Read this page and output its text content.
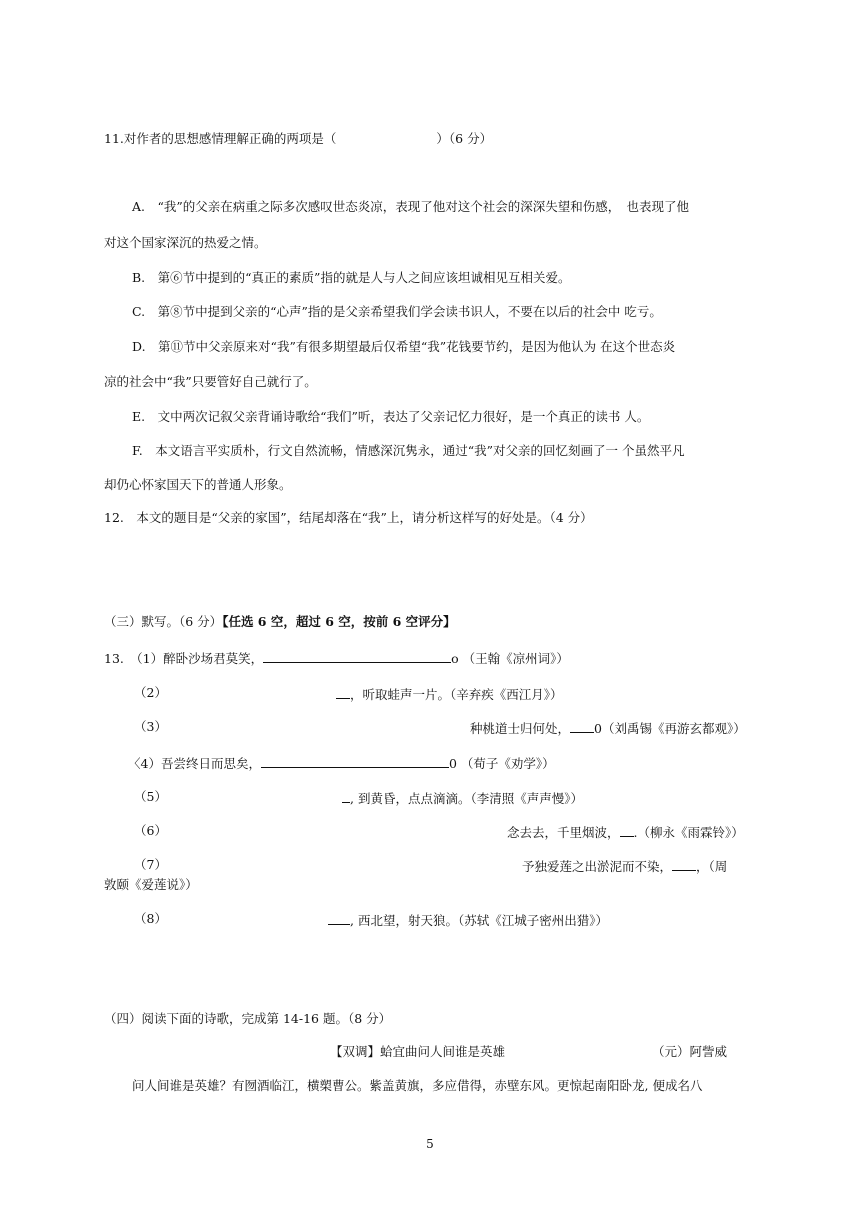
11.对作者的思想感情理解正确的两项是（	）（6 分）
A.　“我”的父亲在病重之际多次感叹世态炎凉，表现了他对这个社会的深深失望和伤感，　也表现了他
对这个国家深沉的热爱之情。
B.　第⑥节中提到的“真正的素质”指的就是人与人之间应该坦诚相见互相关爱。
C.　第⑧节中提到父亲的“心声”指的是父亲希望我们学会读书识人，不要在以后的社会中 吃亏。
D.　第⑪节中父亲原来对“我”有很多期望最后仅希望“我”花钱要节约，是因为他认为 在这个世态炎
凉的社会中“我”只要管好自己就行了。
E.　文中两次记叙父亲背诵诗歌给“我们”听，表达了父亲记忆力很好，是一个真正的读书 人。
F.　本文语言平实质朴，行文自然流畅，情感深沉隽永，通过“我”对父亲的回忆刻画了一 个虽然平凡
却仍心怀家国天下的普通人形象。
12.　本文的题目是“父亲的家国”，结尾却落在“我”上，请分析这样写的好处是。（4 分）
（三）默写。（6 分）【任选 6 空，超过 6 空，按前 6 空评分】
13.　（1）醉卧沙场君莫笑，	o （王翰《凉州词》）
（2）	，听取蛙声一片。（辛弃疾《西江月》）
（3）	种桃道士归何处， 0（刘禹锡《再游玄都观》）
〈4）吾尝终日而思矣，	0 （荀子《劝学》）
（5）	, 到黄昏，点点滴滴。（李清照《声声慢》）
（6）	念去去，千里烟波， .（柳永《雨霖铃》）
（7）	予独爱莲之出淤泥而不染， ，（周
敦颐《爱莲说》）
（8）	, 西北望，射天狼。（苏轼《江城子密州出猎》）
（四）阅读下面的诗歌，完成第 14-16 题。（8 分）
【双调】蛤宜曲问人间谁是英雄	（元）阿訾威
问人间谁是英雄？有囫酒临江，横槊曹公。紫盖黄旗，多应借得，赤壁东风。更惊起南阳卧龙, 便成名八
5
